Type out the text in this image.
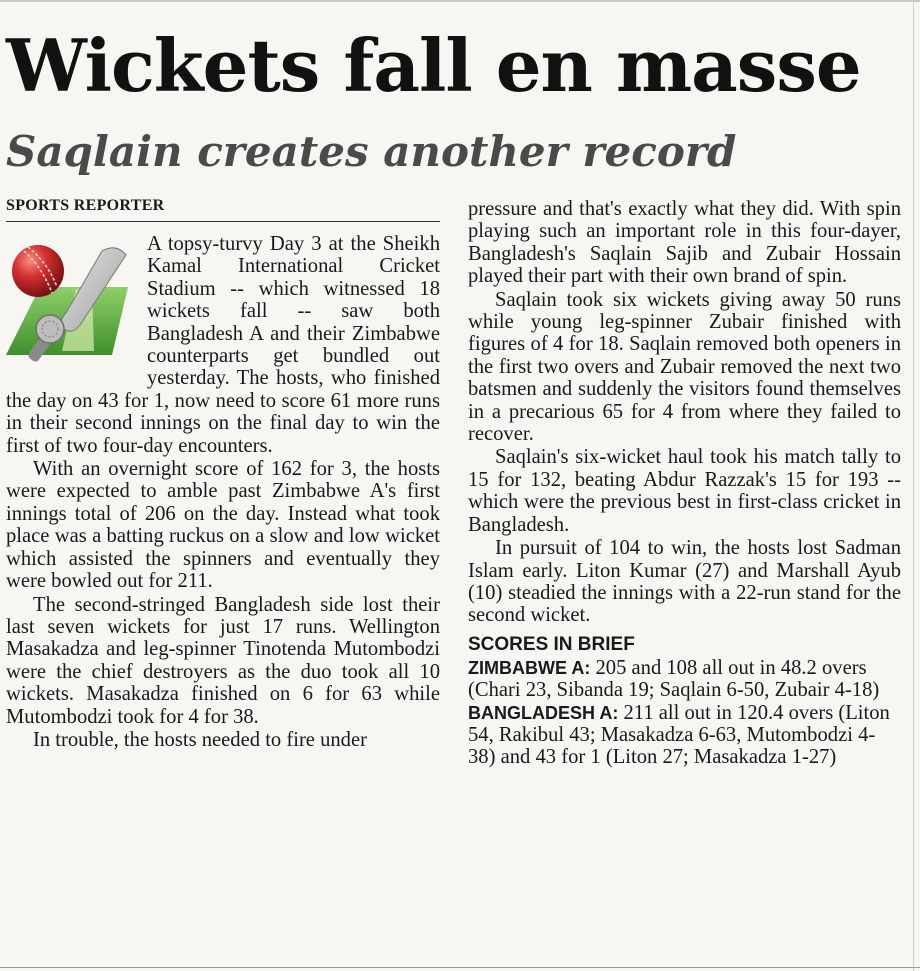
Wickets fall en masse
Saqlain creates another record
SPORTS REPORTER

A topsy-turvy Day 3 at the Sheikh Kamal International Cricket Stadium -- which witnessed 18 wickets fall -- saw both Bangladesh A and their Zimbabwe counterparts get bundled out yesterday. The hosts, who finished the day on 43 for 1, now need to score 61 more runs in their second innings on the final day to win the first of two four-day encounters.

With an overnight score of 162 for 3, the hosts were expected to amble past Zimbabwe A's first innings total of 206 on the day. Instead what took place was a batting ruckus on a slow and low wicket which assisted the spinners and eventually they were bowled out for 211.

The second-stringed Bangladesh side lost their last seven wickets for just 17 runs. Wellington Masakadza and leg-spinner Tinotenda Mutombodzi were the chief destroyers as the duo took all 10 wickets. Masakadza finished on 6 for 63 while Mutombodzi took for 4 for 38.

In trouble, the hosts needed to fire under

pressure and that's exactly what they did. With spin playing such an important role in this four-dayer, Bangladesh's Saqlain Sajib and Zubair Hossain played their part with their own brand of spin.

Saqlain took six wickets giving away 50 runs while young leg-spinner Zubair finished with figures of 4 for 18. Saqlain removed both openers in the first two overs and Zubair removed the next two batsmen and suddenly the visitors found themselves in a precarious 65 for 4 from where they failed to recover.

Saqlain's six-wicket haul took his match tally to 15 for 132, beating Abdur Razzak's 15 for 193 -- which were the previous best in first-class cricket in Bangladesh.

In pursuit of 104 to win, the hosts lost Sadman Islam early. Liton Kumar (27) and Marshall Ayub (10) steadied the innings with a 22-run stand for the second wicket.

SCORES IN BRIEF

ZIMBABWE A: 205 and 108 all out in 48.2 overs (Chari 23, Sibanda 19; Saqlain 6-50, Zubair 4-18)

BANGLADESH A: 211 all out in 120.4 overs (Liton 54, Rakibul 43; Masakadza 6-63, Mutombodzi 4-38) and 43 for 1 (Liton 27; Masakadza 1-27)
